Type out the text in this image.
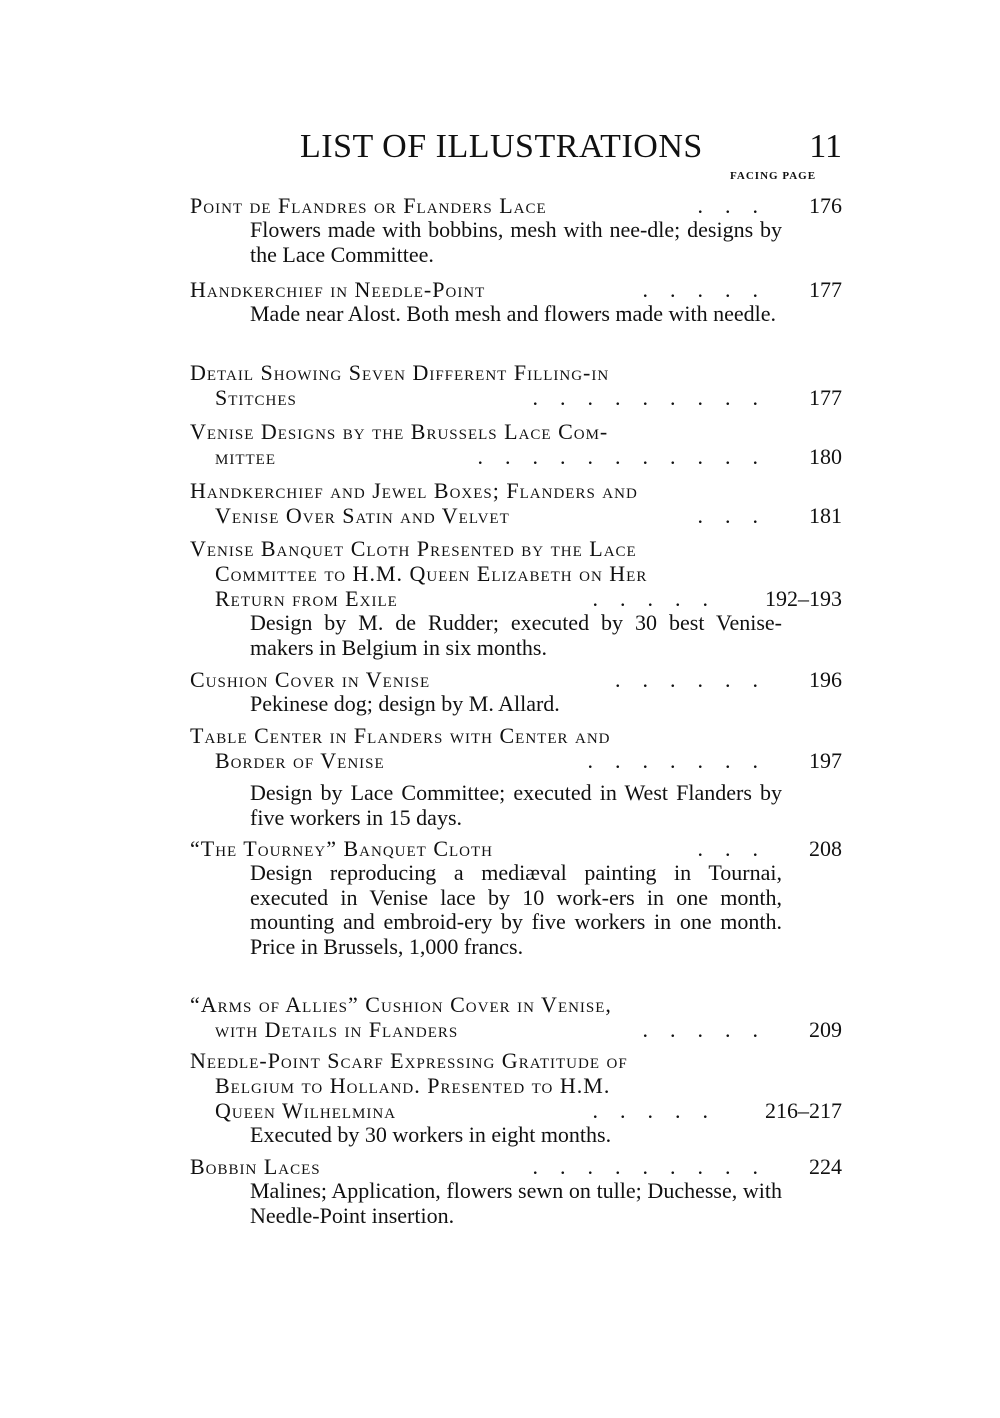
LIST OF ILLUSTRATIONS	11
FACING PAGE
Point de Flandres or Flanders Lace	... 176
Flowers made with bobbins, mesh with nee-dle; designs by the Lace Committee.
Handkerchief in Needle-Point	..... 177
Made near Alost. Both mesh and flowers made with needle.
Detail Showing Seven Different Filling-in
Stitches	......... 177
Venise Designs by the Brussels Lace Com-
mittee	........... 180
Handkerchief and Jewel Boxes; Flanders and
Venise Over Satin and Velvet	... 181
Venise Banquet Cloth Presented by the Lace
Committee to H.M. Queen Elizabeth on Her
Return from Exile	..... 192–193
Design by M. de Rudder; executed by 30 best Venise-makers in Belgium in six months.
Cushion Cover in Venise	...... 196
Pekinese dog; design by M. Allard.
Table Center in Flanders with Center and
Border of Venise	....... 197
Design by Lace Committee; executed in West Flanders by five workers in 15 days.
“The Tourney” Banquet Cloth	... 208
Design reproducing a mediæval painting in Tournai, executed in Venise lace by 10 work-ers in one month, mounting and embroid-ery by five workers in one month. Price in Brussels, 1,000 francs.
“Arms of Allies” Cushion Cover in Venise,
with Details in Flanders	..... 209
Needle-Point Scarf Expressing Gratitude of
Belgium to Holland. Presented to H.M.
Queen Wilhelmina	..... 216–217
Executed by 30 workers in eight months.
Bobbin Laces	......... 224
Malines; Application, flowers sewn on tulle; Duchesse, with Needle-Point insertion.
